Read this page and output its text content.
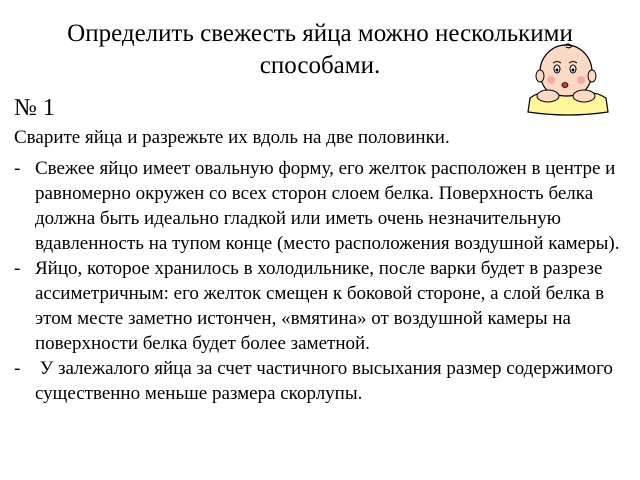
Определить свежесть яйца можно несколькими способами.
№ 1
Сварите яйца и разрежьте их вдоль на две половинки.
- Свежее яйцо имеет овальную форму, его желток расположен в центре и равномерно окружен со всех сторон слоем белка. Поверхность белка должна быть идеально гладкой или иметь очень незначительную вдавленность на тупом конце (место расположения воздушной камеры).
- Яйцо, которое хранилось в холодильнике, после варки будет в разрезе ассиметричным: его желток смещен к боковой стороне, а слой белка в этом месте заметно истончен, «вмятина» от воздушной камеры на поверхности белка будет более заметной.
- У залежалого яйца за счет частичного высыхания размер содержимого существенно меньше размера скорлупы.
